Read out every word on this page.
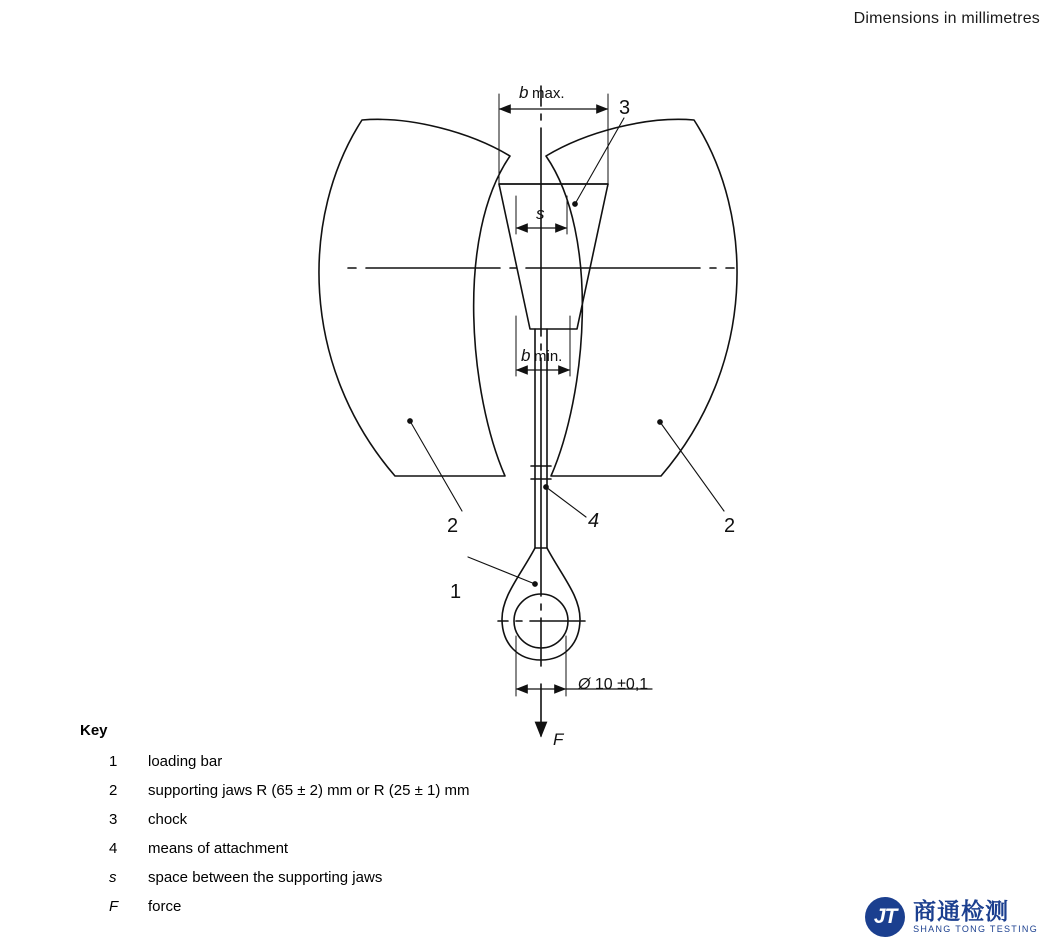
Dimensions in millimetres
b max.
s
b min.
Ø 10 ±0,1
F
3
2	2
4
1
Key
1	loading bar
2	supporting jaws R (65 ± 2) mm or R (25 ± 1) mm
3	chock
4	means of attachment
s	space between the supporting jaws
F	force	JT 商通检测
SHANG TONG TESTING
